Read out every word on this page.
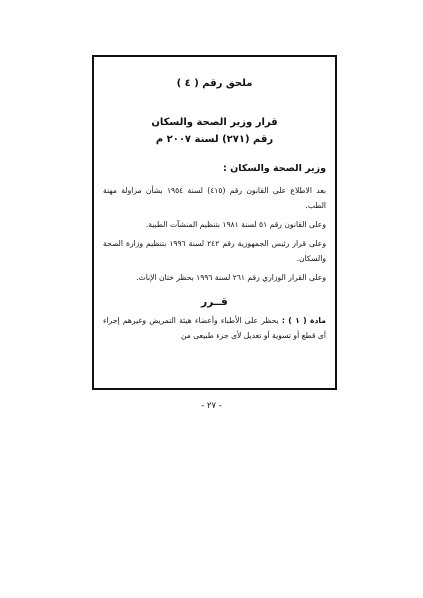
ملحق رقم ( ٤ )

قرار وزير الصحة والسكان

رقم (٢٧١) لسنة ٢٠٠٧ م

وزير الصحة والسكان :

بعد الاطلاع على القانون رقم (٤١٥) لسنة ١٩٥٤ بشأن مزاولة مهنة الطب.

وعلى القانون رقم ٥١ لسنة ١٩٨١ بتنظيم المنشآت الطبية.

وعلى قرار رئيس الجمهورية رقم ٢٤٢ لسنة ١٩٩٦ بتنظيم وزارة الصحة والسكان.

وعلى القرار الوزاري رقم ٢٦١ لسنة ١٩٩٦ بحظر ختان الإناث.

قــرر

مادة ( ١ ) : يحظر على الأطباء وأعضاء هيئة التمريض وغيرهم إجراء أى قطع أو تسوية أو تعديل لأى جزء طبيعى من

- ٢٧ -
